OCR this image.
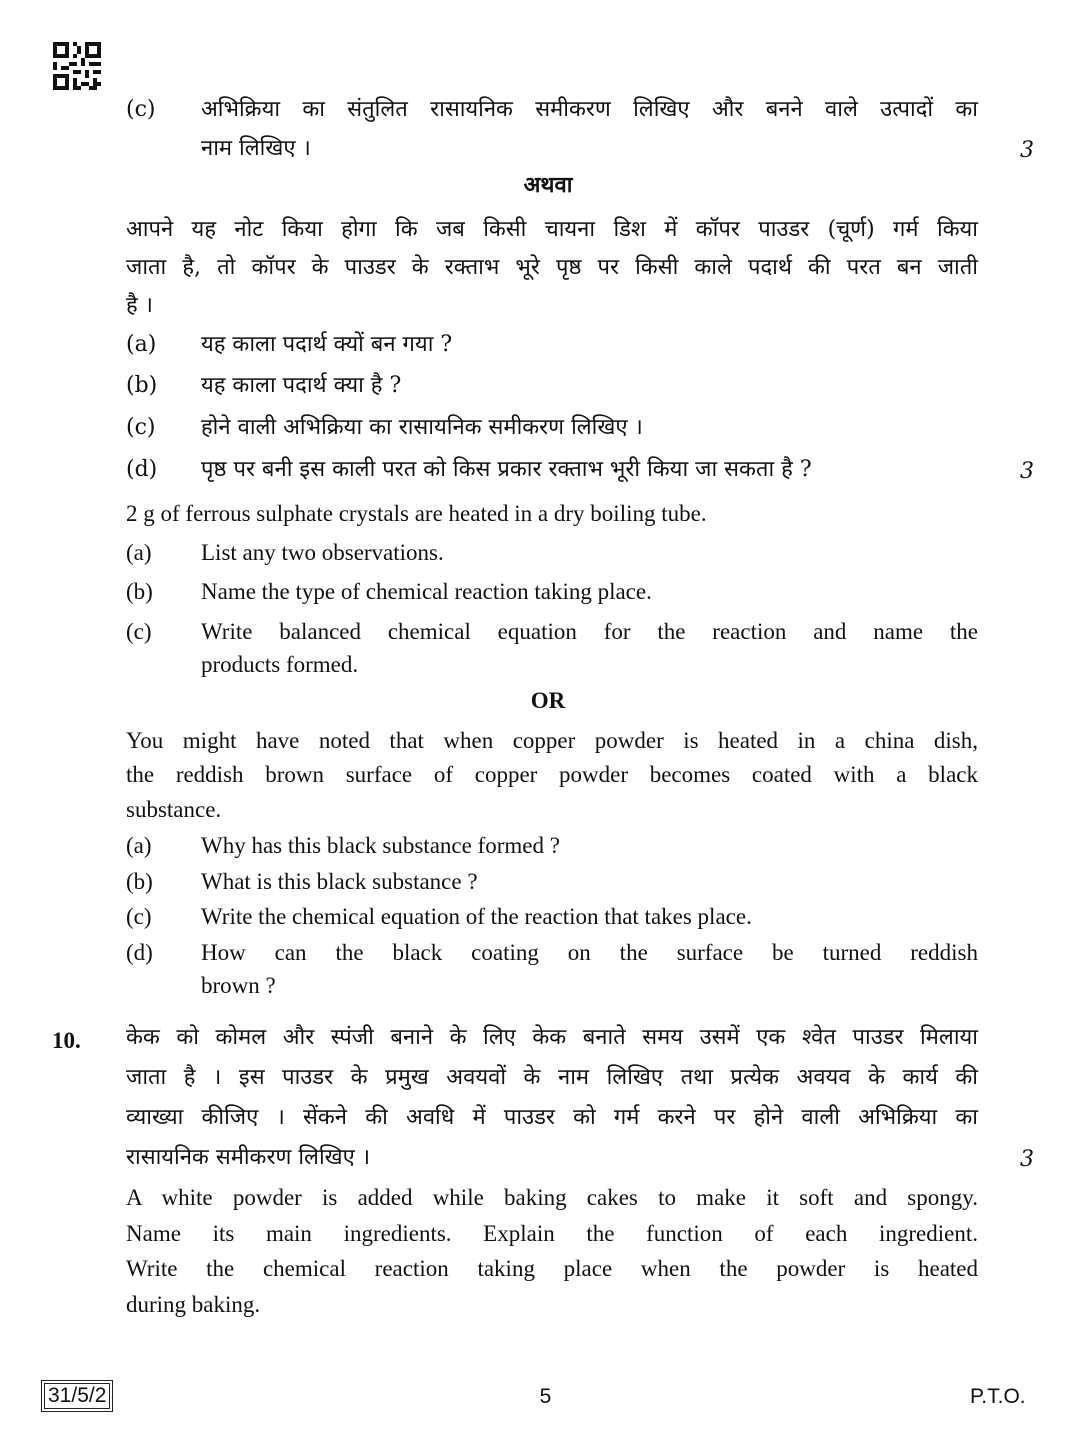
(c) अभिक्रिया का संतुलित रासायनिक समीकरण लिखिए और बनने वाले उत्पादों का
नाम लिखिए ।	3
अथवा
आपने यह नोट किया होगा कि जब किसी चायना डिश में कॉपर पाउडर (चूर्ण) गर्म किया
जाता है, तो कॉपर के पाउडर के रक्ताभ भूरे पृष्ठ पर किसी काले पदार्थ की परत बन जाती
है ।
(a) यह काला पदार्थ क्यों बन गया ?
(b) यह काला पदार्थ क्या है ?
(c) होने वाली अभिक्रिया का रासायनिक समीकरण लिखिए ।
(d) पृष्ठ पर बनी इस काली परत को किस प्रकार रक्ताभ भूरी किया जा सकता है ?	3
2 g of ferrous sulphate crystals are heated in a dry boiling tube.
(a) List any two observations.
(b) Name the type of chemical reaction taking place.
(c) Write balanced chemical equation for the reaction and name the
products formed.
OR
You might have noted that when copper powder is heated in a china dish,
the reddish brown surface of copper powder becomes coated with a black
substance.
(a) Why has this black substance formed ?
(b) What is this black substance ?
(c) Write the chemical equation of the reaction that takes place.
(d) How can the black coating on the surface be turned reddish
brown ?
10. केक को कोमल और स्पंजी बनाने के लिए केक बनाते समय उसमें एक श्वेत पाउडर मिलाया
जाता है । इस पाउडर के प्रमुख अवयवों के नाम लिखिए तथा प्रत्येक अवयव के कार्य की
व्याख्या कीजिए । सेंकने की अवधि में पाउडर को गर्म करने पर होने वाली अभिक्रिया का
रासायनिक समीकरण लिखिए ।	3
A white powder is added while baking cakes to make it soft and spongy.
Name its main ingredients. Explain the function of each ingredient.
Write the chemical reaction taking place when the powder is heated
during baking.
31/5/2	5	P.T.O.
